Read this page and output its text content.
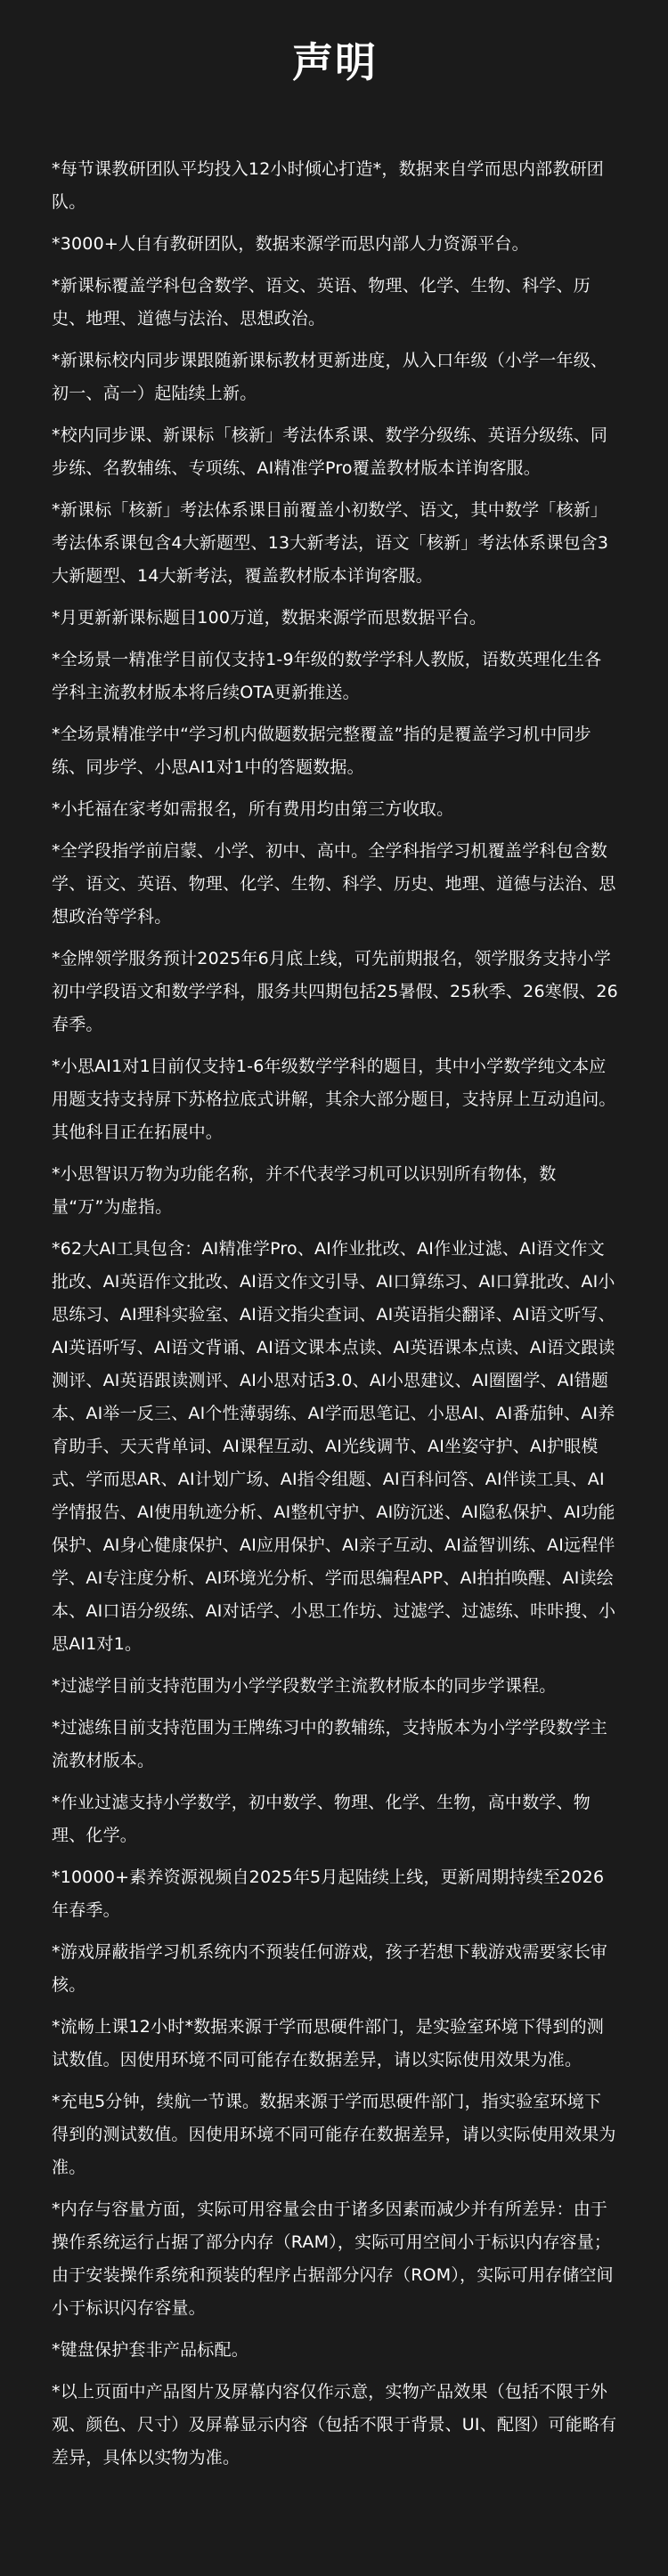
声明

*每节课教研团队平均投入12小时倾心打造*，数据来自学而思内部教研团队。

*3000+人自有教研团队，数据来源学而思内部人力资源平台。

*新课标覆盖学科包含数学、语文、英语、物理、化学、生物、科学、历史、地理、道德与法治、思想政治。

*新课标校内同步课跟随新课标教材更新进度，从入口年级（小学一年级、初一、高一）起陆续上新。

*校内同步课、新课标「核新」考法体系课、数学分级练、英语分级练、同步练、名教辅练、专项练、AI精准学Pro覆盖教材版本详询客服。

*新课标「核新」考法体系课目前覆盖小初数学、语文，其中数学「核新」考法体系课包含4大新题型、13大新考法，语文「核新」考法体系课包含3大新题型、14大新考法，覆盖教材版本详询客服。

*月更新新课标题目100万道，数据来源学而思数据平台。

*全场景一精准学目前仅支持1-9年级的数学学科人教版，语数英理化生各学科主流教材版本将后续OTA更新推送。

*全场景精准学中“学习机内做题数据完整覆盖”指的是覆盖学习机中同步练、同步学、小思AI1对1中的答题数据。

*小托福在家考如需报名，所有费用均由第三方收取。

*全学段指学前启蒙、小学、初中、高中。全学科指学习机覆盖学科包含数学、语文、英语、物理、化学、生物、科学、历史、地理、道德与法治、思想政治等学科。

*金牌领学服务预计2025年6月底上线，可先前期报名，领学服务支持小学初中学段语文和数学学科，服务共四期包括25暑假、25秋季、26寒假、26春季。

*小思AI1对1目前仅支持1-6年级数学学科的题目，其中小学数学纯文本应用题支持支持屏下苏格拉底式讲解，其余大部分题目，支持屏上互动追问。其他科目正在拓展中。

*小思智识万物为功能名称，并不代表学习机可以识别所有物体，数量“万”为虚指。

*62大AI工具包含：AI精准学Pro、AI作业批改、AI作业过滤、AI语文作文批改、AI英语作文批改、AI语文作文引导、AI口算练习、AI口算批改、AI小思练习、AI理科实验室、AI语文指尖查词、AI英语指尖翻译、AI语文听写、AI英语听写、AI语文背诵、AI语文课本点读、AI英语课本点读、AI语文跟读测评、AI英语跟读测评、AI小思对话3.0、AI小思建议、AI圈圈学、AI错题本、AI举一反三、AI个性薄弱练、AI学而思笔记、小思AI、AI番茄钟、AI养育助手、天天背单词、AI课程互动、AI光线调节、AI坐姿守护、AI护眼模式、学而思AR、AI计划广场、AI指令组题、AI百科问答、AI伴读工具、AI学情报告、AI使用轨迹分析、AI整机守护、AI防沉迷、AI隐私保护、AI功能保护、AI身心健康保护、AI应用保护、AI亲子互动、AI益智训练、AI远程伴学、AI专注度分析、AI环境光分析、学而思编程APP、AI拍拍唤醒、AI读绘本、AI口语分级练、AI对话学、小思工作坊、过滤学、过滤练、咔咔搜、小思AI1对1。

*过滤学目前支持范围为小学学段数学主流教材版本的同步学课程。

*过滤练目前支持范围为王牌练习中的教辅练，支持版本为小学学段数学主流教材版本。

*作业过滤支持小学数学，初中数学、物理、化学、生物，高中数学、物理、化学。

*10000+素养资源视频自2025年5月起陆续上线，更新周期持续至2026年春季。

*游戏屏蔽指学习机系统内不预装任何游戏，孩子若想下载游戏需要家长审核。

*流畅上课12小时*数据来源于学而思硬件部门，是实验室环境下得到的测试数值。因使用环境不同可能存在数据差异，请以实际使用效果为准。

*充电5分钟，续航一节课。数据来源于学而思硬件部门，指实验室环境下得到的测试数值。因使用环境不同可能存在数据差异，请以实际使用效果为准。

*内存与容量方面，实际可用容量会由于诸多因素而减少并有所差异：由于操作系统运行占据了部分内存（RAM），实际可用空间小于标识内存容量；由于安装操作系统和预装的程序占据部分闪存（ROM），实际可用存储空间小于标识闪存容量。

*键盘保护套非产品标配。

*以上页面中产品图片及屏幕内容仅作示意，实物产品效果（包括不限于外观、颜色、尺寸）及屏幕显示内容（包括不限于背景、UI、配图）可能略有差异，具体以实物为准。
